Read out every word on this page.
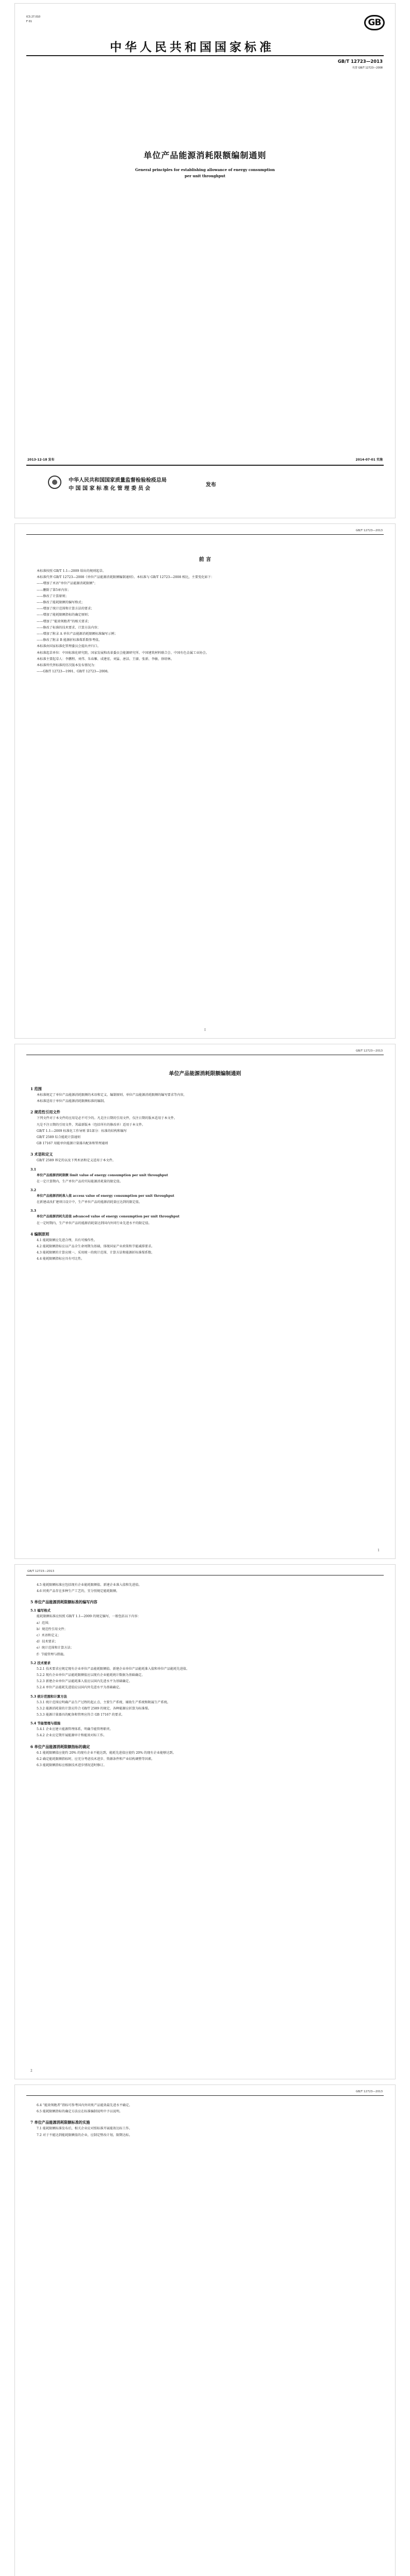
ICS 27.010
F 01	GB
中华人民共和国国家标准
GB/T 12723—2013
代替 GB/T 12723—2008
单位产品能源消耗限额编制通则
General principles for establishing allowance of energy consumption
per unit throughput
2013-12-18 发布	2014-07-01 实施
中华人民共和国国家质量监督检验检疫总局
中 国 国 家 标 准 化 管 理 委 员 会
发布
GB/T 12723—2013
前 言
本标准按照 GB/T 1.1—2009 给出的规则起草。
本标准代替 GB/T 12723—2008《单位产品能源消耗限额编制通则》。本标准与 GB/T 12723—2008 相比，主要变化如下：
——增加了术语“单位产品能源消耗限额”；
——删除了第5章内容；
——修改了计算原则；
——修改了能耗限额的编写格式；
——增加了统计范围和计算方法的要求；
——增加了能耗限额指标的确定原则；
——增加了“能效领跑者”的相关要求；
——修改了标准的技术要求、计算方法内容；
——增加了附录 A 单位产品能源消耗限额标准编写示例；
——修改了附录 B 能源折标准煤系数参考值。
本标准由国家标准化管理委员会提出并归口。
本标准起草单位：中国标准化研究院、国家发展和改革委员会能源研究所、中国建筑材料联合会、中国有色金属工业协会。
本标准主要起草人：李鹏程、刘伟、朱春雁、成建宏、刘猛、唐洁、王赓、张新、李敏、徐绍林。
本标准所代替标准的历次版本发布情况为：
——GB/T 12723—1991、GB/T 12723—2008。
I
GB/T 12723—2013
单位产品能源消耗限额编制通则
1 范围
本标准规定了单位产品能源消耗限额的术语和定义、编制原则、单位产品能源消耗限额的编写要求等内容，
本标准适用于单位产品能源消耗限额标准的编制。
2 规范性引用文件
下列文件对于本文件的应用是必不可少的。凡是注日期的引用文件，仅注日期的版本适用于本文件。
凡是不注日期的引用文件，其最新版本（包括所有的修改单）适用于本文件。
GB/T 1.1—2009 标准化工作导则 第1部分：标准的结构和编写
GB/T 2589 综合能耗计算通则
GB 17167 用能单位能源计量器具配备和管理通则
3 术语和定义
GB/T 2589 界定的以及下列术语和定义适用于本文件。
3.1
单位产品能源消耗限额 limit value of energy consumption per unit throughput
在一定计算期内，生产单位产品的实际能源消耗量的限定值。
3.2
单位产品能源消耗准入值 access value of energy consumption per unit throughput
在新建或改扩建项目设计中，生产单位产品的能源消耗量应达到的限定值。
3.3
单位产品能源消耗先进值 advanced value of energy consumption per unit throughput
在一定时期内，生产单位产品的能源消耗量达到国内外同行业先进水平的限定值。
4 编制原则
4.1 能耗限额应先进合理，具有可操作性。
4.2 能耗限额指标应以产品全生命周期为基础，体现国家产业政策和节能减排要求。
4.3 能耗限额的计算应统一，采用统一的统计范围、计算方法和能源折标准煤系数。
4.4 能耗限额指标应具有可比性。
1
GB/T 12723—2013
4.5 能耗限额标准应包括现有企业能耗限额值、新建企业准入值和先进值。
4.6 同类产品存在多种生产工艺的，宜分别规定能耗限额。
5 单位产品能源消耗限额标准的编写内容
5.1 编写格式
能耗限额标准应按照 GB/T 1.1—2009 的规定编写，一般包括以下内容：
a）范围；
b）规范性引用文件；
c）术语和定义；
d）技术要求；
e）统计范围和计算方法；
f）节能管理与措施。
5.2 技术要求
5.2.1 技术要求应规定现有企业单位产品能耗限额值、新建企业单位产品能耗准入值和单位产品能耗先进值。
5.2.2 现有企业单位产品能耗限额值应以现有企业能耗统计数据为基础确定。
5.2.3 新建企业单位产品能耗准入值应以国内先进水平为基础确定。
5.2.4 单位产品能耗先进值应以国内外先进水平为基础确定。
5.3 统计范围和计算方法
5.3.1 统计范围应明确产品生产过程的起止点、主要生产系统、辅助生产系统和附属生产系统。
5.3.2 能源消耗量的计算应符合 GB/T 2589 的规定，各种能源应折算为标准煤。
5.3.3 能源计量器具的配备和管理应符合 GB 17167 的要求。
5.4 节能管理与措施
5.4.1 企业应建立能源管理体系，明确节能管理职责。
5.4.2 企业应定期开展能源审计和能效对标工作。
6 单位产品能源消耗限额指标的确定
6.1 能耗限额值应使约 20% 的现有企业不能达到，能耗先进值应使约 20% 的现有企业能够达到。
6.2 确定能耗限额指标时，应充分考虑技术进步、资源条件和产业结构调整等因素。
6.3 能耗限额指标应根据技术进步情况适时修订。
2
GB/T 12723—2013
6.4 “能效领跑者”指标可参考国内外同类产品能效最先进水平确定。
6.5 能耗限额指标的确定方法应在标准编制说明中予以说明。
7 单位产品能源消耗限额标准的实施
7.1 能耗限额标准发布后，相关企业应对照标准开展能效达标工作。
7.2 对于不能达到能耗限额值的企业，应制定整改计划，限期达标。
